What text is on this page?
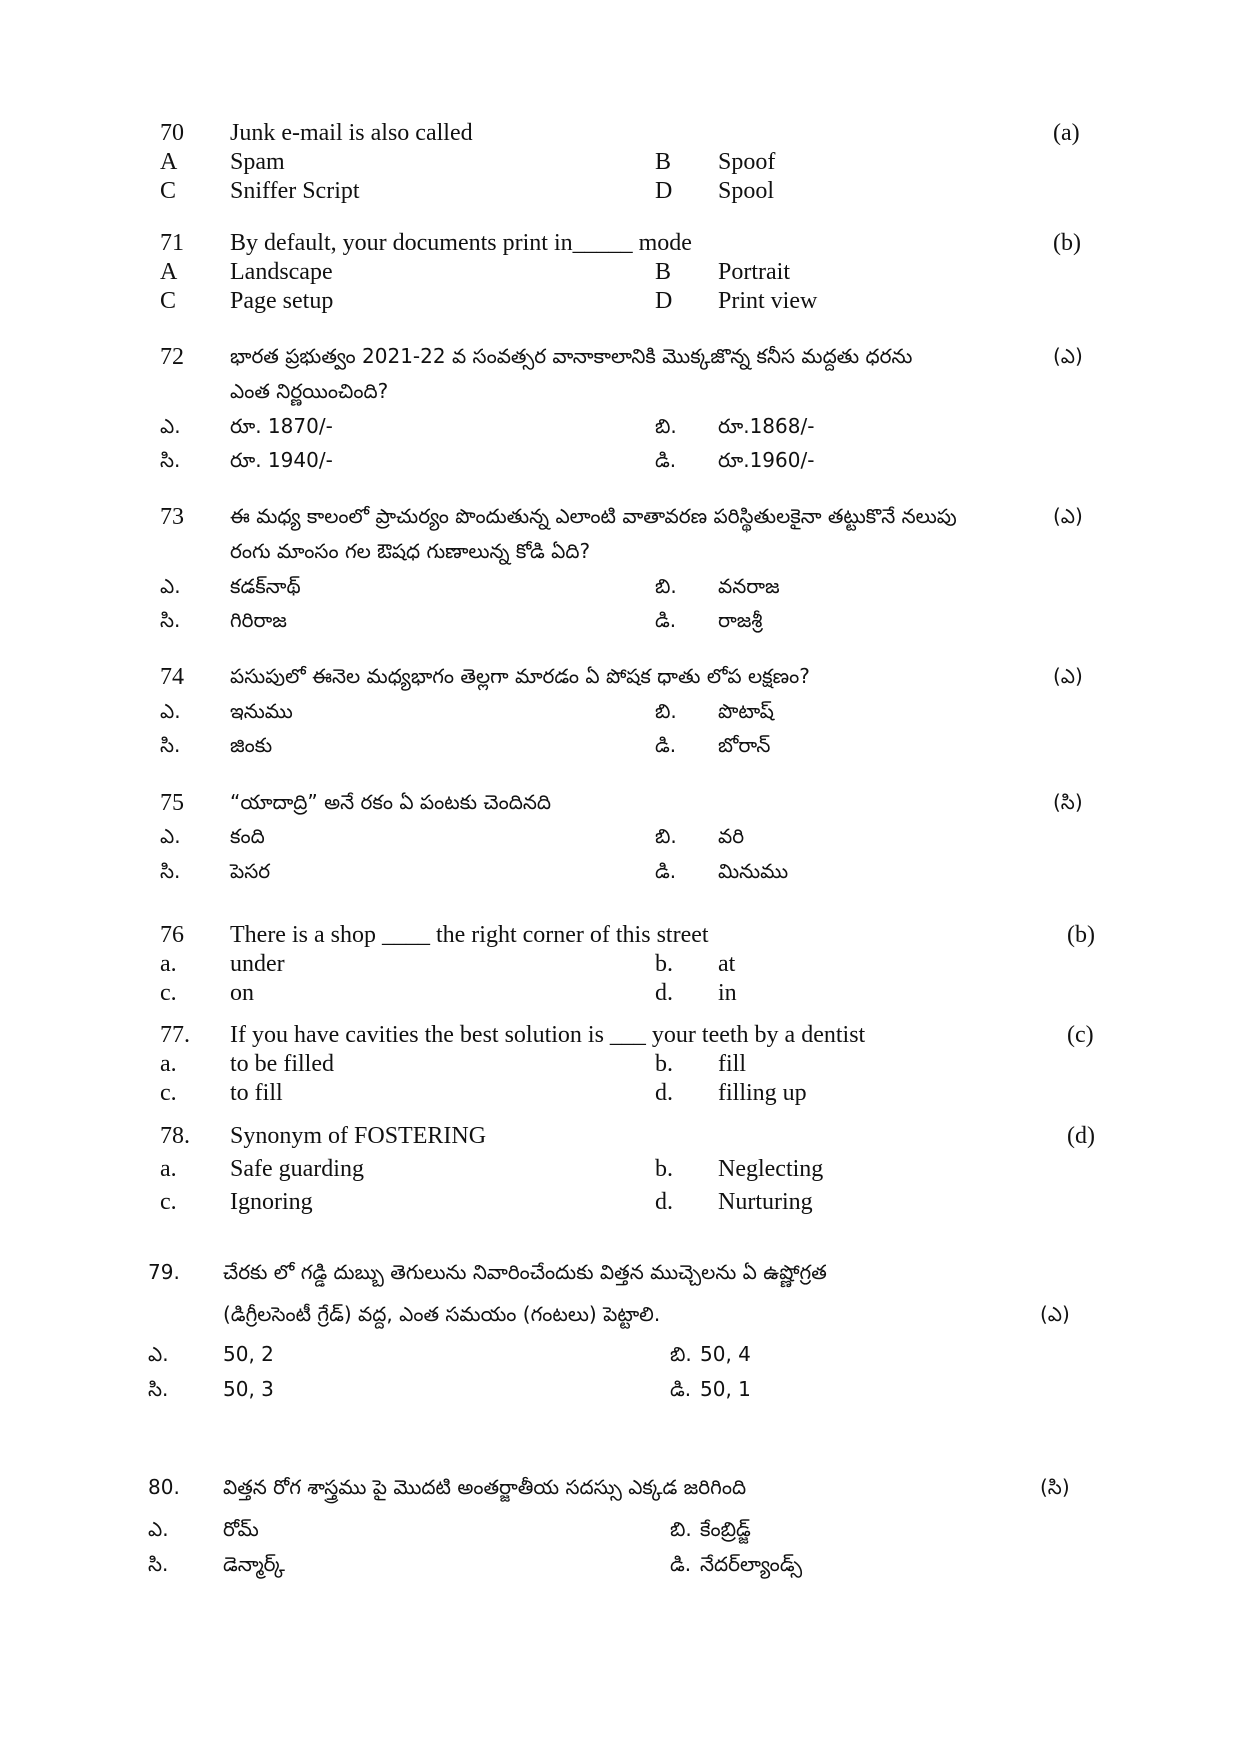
70 Junk e-mail is also called	(a)
A Spam	B Spoof
C Sniffer Script	D Spool
71 By default, your documents print in_____ mode	(b)
A Landscape	B Portrait
C Page setup	D Print view
72 భారత ప్రభుత్వం 2021-22 వ సంవత్సర వానాకాలానికి మొక్కజొన్న కనీస మద్దతు ధరను	(ఎ)
ఎంత నిర్ణయించింది?
ఎ. రూ. 1870/-	బి. రూ.1868/-
సి. రూ. 1940/-	డి. రూ.1960/-
73 ఈ మధ్య కాలంలో ప్రాచుర్యం పొందుతున్న ఎలాంటి వాతావరణ పరిస్థితులకైనా తట్టుకొనే నలుపు	(ఎ)
రంగు మాంసం గల ఔషధ గుణాలున్న కోడి ఏది?
ఎ. కడక్‌నాథ్	బి. వనరాజ
సి. గిరిరాజ	డి. రాజశ్రీ
74 పసుపులో ఈనెల మధ్యభాగం తెల్లగా మారడం ఏ పోషక ధాతు లోప లక్షణం?	(ఎ)
ఎ. ఇనుము	బి. పొటాష్
సి. జింకు	డి. బోరాన్
75 “యాదాద్రి” అనే రకం ఏ పంటకు చెందినది	(సి)
ఎ. కంది	బి. వరి
సి. పెసర	డి. మినుము
76 There is a shop ____ the right corner of this street	(b)
a. under	b. at
c. on	d. in
77. If you have cavities the best solution is ___ your teeth by a dentist	(c)
a. to be filled	b. fill
c. to fill	d. filling up
78. Synonym of FOSTERING	(d)
a. Safe guarding	b. Neglecting
c. Ignoring	d. Nurturing
79. చేరకు లో గడ్డి దుబ్బు తెగులును నివారించేందుకు విత్తన ముచ్చెలను ఏ ఉష్ణోగ్రత
(డిగ్రీలసెంటీ గ్రేడ్) వద్ద, ఎంత సమయం (గంటలు) పెట్టాలి.	(ఎ)
ఎ.	50, 2	బి. 50, 4
సి.	50, 3	డి. 50, 1
80. విత్తన రోగ శాస్త్రము పై మొదటి అంతర్జాతీయ సదస్సు ఎక్కడ జరిగింది	(సి)
ఎ.	రోమ్	బి. కేంబ్రిడ్జ్
సి.	డెన్మార్క్	డి. నేదర్‌ల్యాండ్స్
